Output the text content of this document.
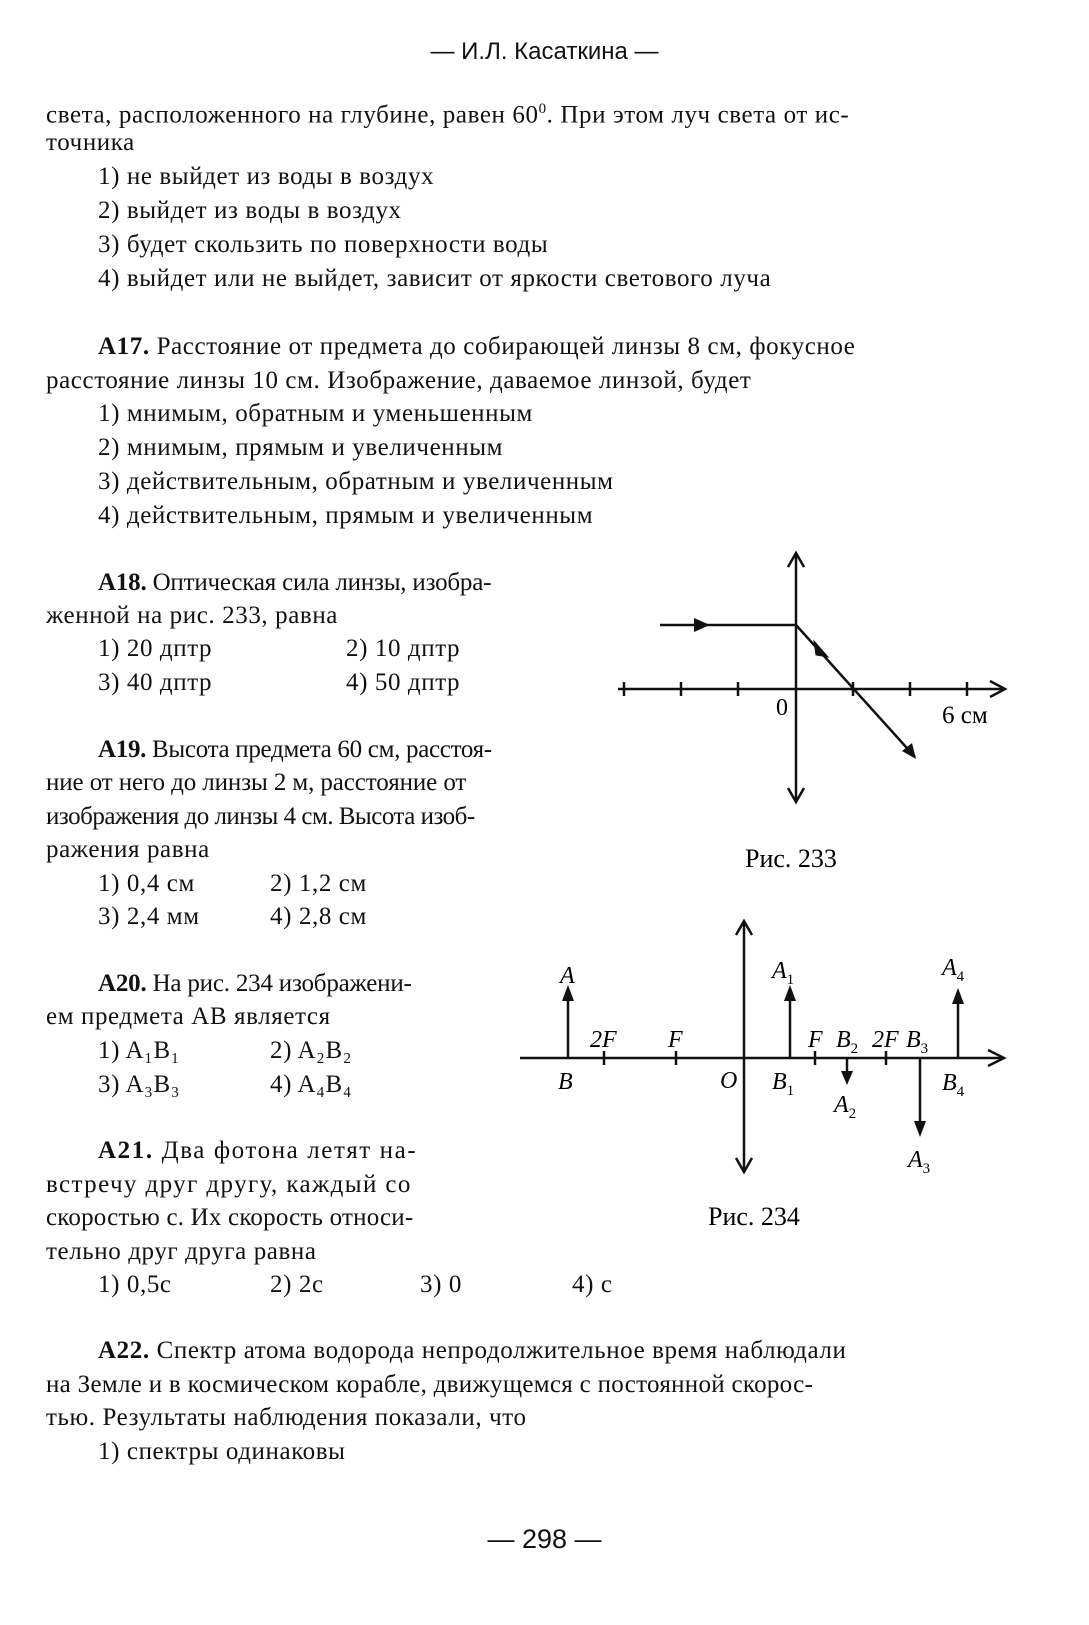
— И.Л. Касаткина —
света, расположенного на глубине, равен $60^0$. При этом луч света от ис-
точника
1) не выйдет из воды в воздух
2) выйдет из воды в воздух
3) будет скользить по поверхности воды
4) выйдет или не выйдет, зависит от яркости светового луча
А17. Расстояние от предмета до собирающей линзы 8 см, фокусное
расстояние линзы 10 см. Изображение, даваемое линзой, будет
1) мнимым, обратным и уменьшенным
2) мнимым, прямым и увеличенным
3) действительным, обратным и увеличенным
4) действительным, прямым и увеличенным
А18. Оптическая сила линзы, изобра-
женной на рис. 233, равна
1) 20 дптр	2) 10 дптр
3) 40 дптр	4) 50 дптр
А19. Высота предмета 60 см, расстоя-
ние от него до линзы 2 м, расстояние от
изображения до линзы 4 см. Высота изоб-
ражения равна
1) 0,4 см	2) 1,2 см
3) 2,4 мм	4) 2,8 см
А20. На рис. 234 изображени-
ем предмета АВ является
1) A₁B₁	2) A₂B₂
3) A₃B₃	4) A₄B₄
А21. Два фотона летят на-
встречу друг другу, каждый со
скоростью c. Их скорость относи-
тельно друг друга равна
1) 0,5c	2) 2c	3) 0	4) c
А22. Спектр атома водорода непродолжительное время наблюдали
на Земле и в космическом корабле, движущемся с постоянной скорос-
тью. Результаты наблюдения показали, что
1) спектры одинаковы
— 298 —
0	6 см
Рис. 233
A
B
2F F
O
$A_1$
$B_1$
F $B_2$ 2F $B_3$
$A_2$
$A_3$
$A_4$
$B_4$
Рис. 234
